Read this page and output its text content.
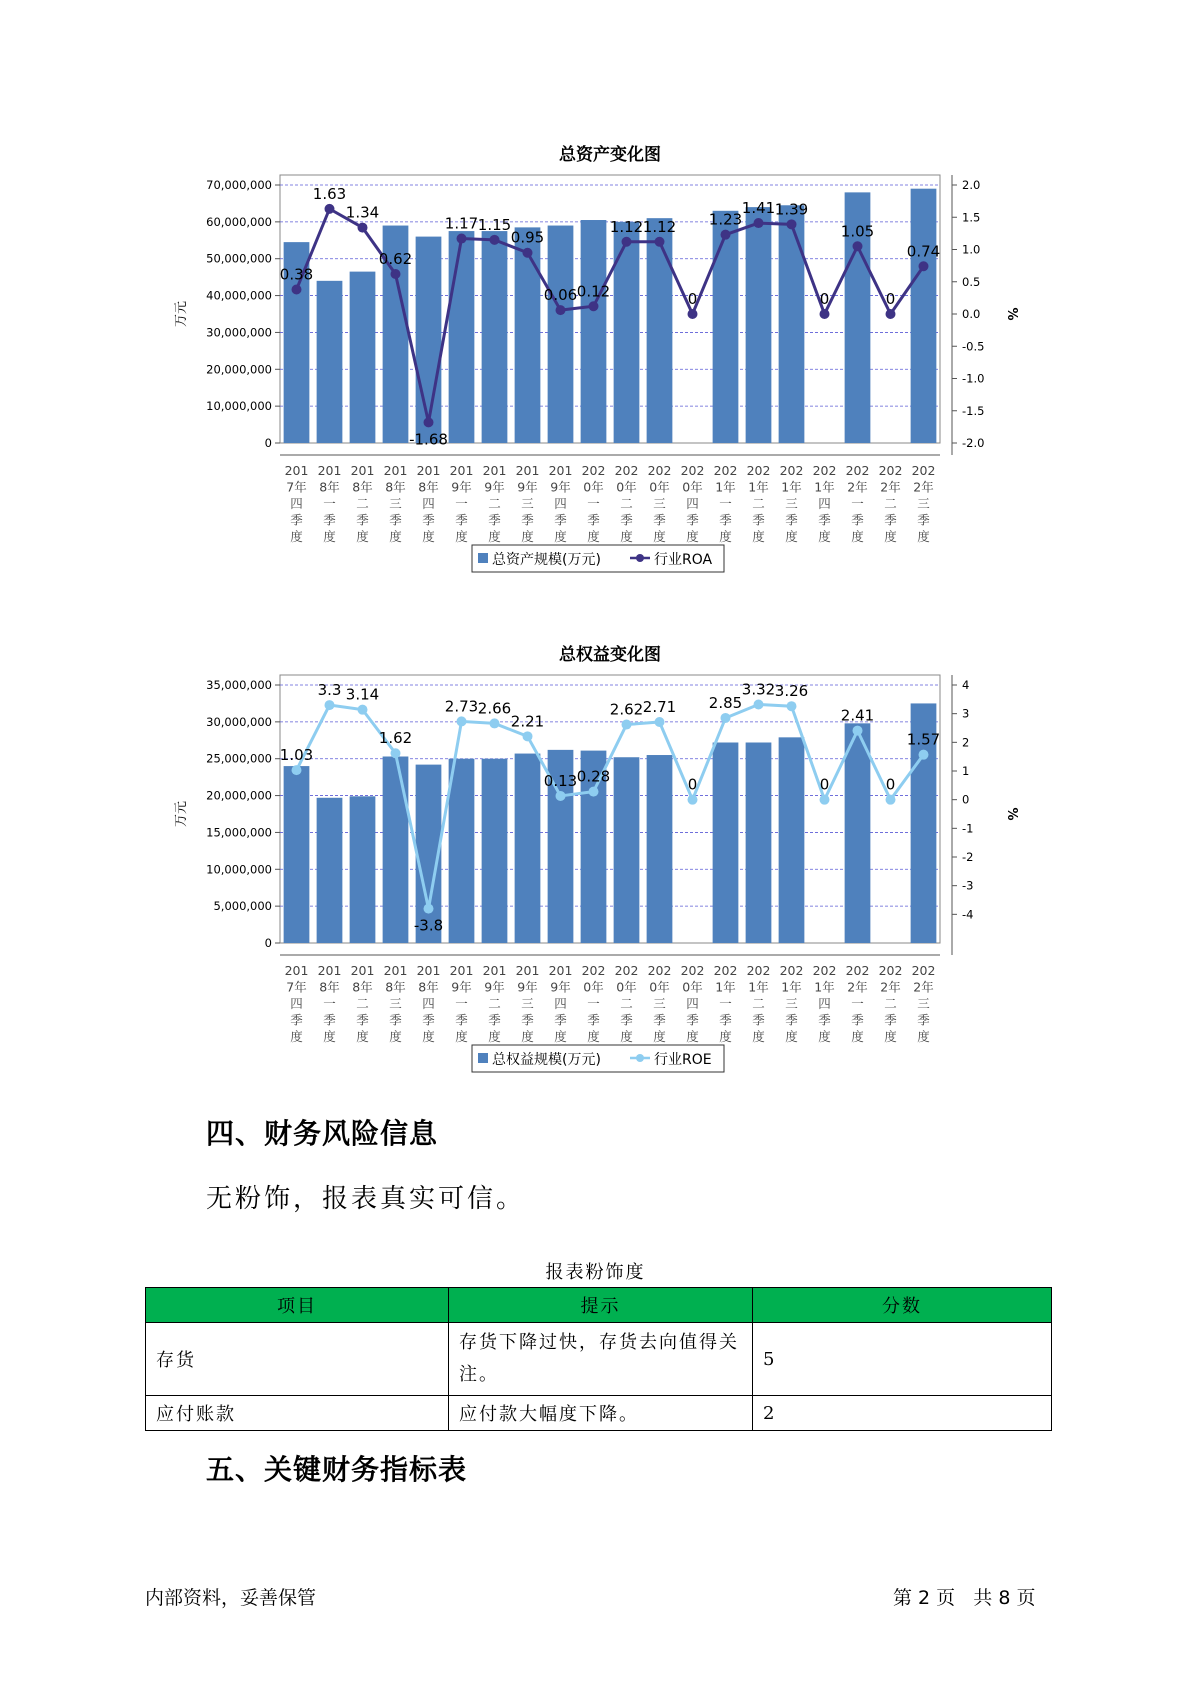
总资产变化图
0
10,000,000
20,000,000
30,000,000
40,000,000
50,000,000
60,000,000
70,000,000
万元
-2.0
-1.5
-1.0
-0.5
0.0
0.5
1.0
1.5
2.0
%
201
7年
四
季
度
201
8年
一
季
度
201
8年
二
季
度
201
8年
三
季
度
201
8年
四
季
度
201
9年
一
季
度
201
9年
二
季
度
201
9年
三
季
度
201
9年
四
季
度
202
0年
一
季
度
202
0年
二
季
度
202
0年
三
季
度
202
0年
四
季
度
202
1年
一
季
度
202
1年
二
季
度
202
1年
三
季
度
202
1年
四
季
度
202
2年
一
季
度
202
2年
二
季
度
202
2年
三
季
度
0.38
1.63
1.34
0.62
-1.68
1.17 1.15
0.95
0.06 0.12
1.12 1.12
0
1.23
1.41 1.39
0
1.05
0
0.74
总资产规模(万元)	行业ROA
总权益变化图
0
5,000,000
10,000,000
15,000,000
20,000,000
25,000,000
30,000,000
35,000,000
万元
-4
-3
-2
-1
0
1
2
3
4
%
201
7年
四
季
度
201
8年
一
季
度
201
8年
二
季
度
201
8年
三
季
度
201
8年
四
季
度
201
9年
一
季
度
201
9年
二
季
度
201
9年
三
季
度
201
9年
四
季
度
202
0年
一
季
度
202
0年
二
季
度
202
0年
三
季
度
202
0年
四
季
度
202
1年
一
季
度
202
1年
二
季
度
202
1年
三
季
度
202
1年
四
季
度
202
2年
一
季
度
202
2年
二
季
度
202
2年
三
季
度
1.03
3.3 3.14
1.62
-3.8
2.73 2.66
2.21
0.13 0.28
2.62 2.71
0
2.85
3.32 3.26
0
2.41
0
1.57
总权益规模(万元)	行业ROE
四、财务风险信息
无粉饰，报表真实可信。
报表粉饰度
项目	提示	分数
存货	存货下降过快，存货去向值得关注。	5
应付账款	应付款大幅度下降。	2
五、关键财务指标表
内部资料，妥善保管	第 2 页   共 8 页
